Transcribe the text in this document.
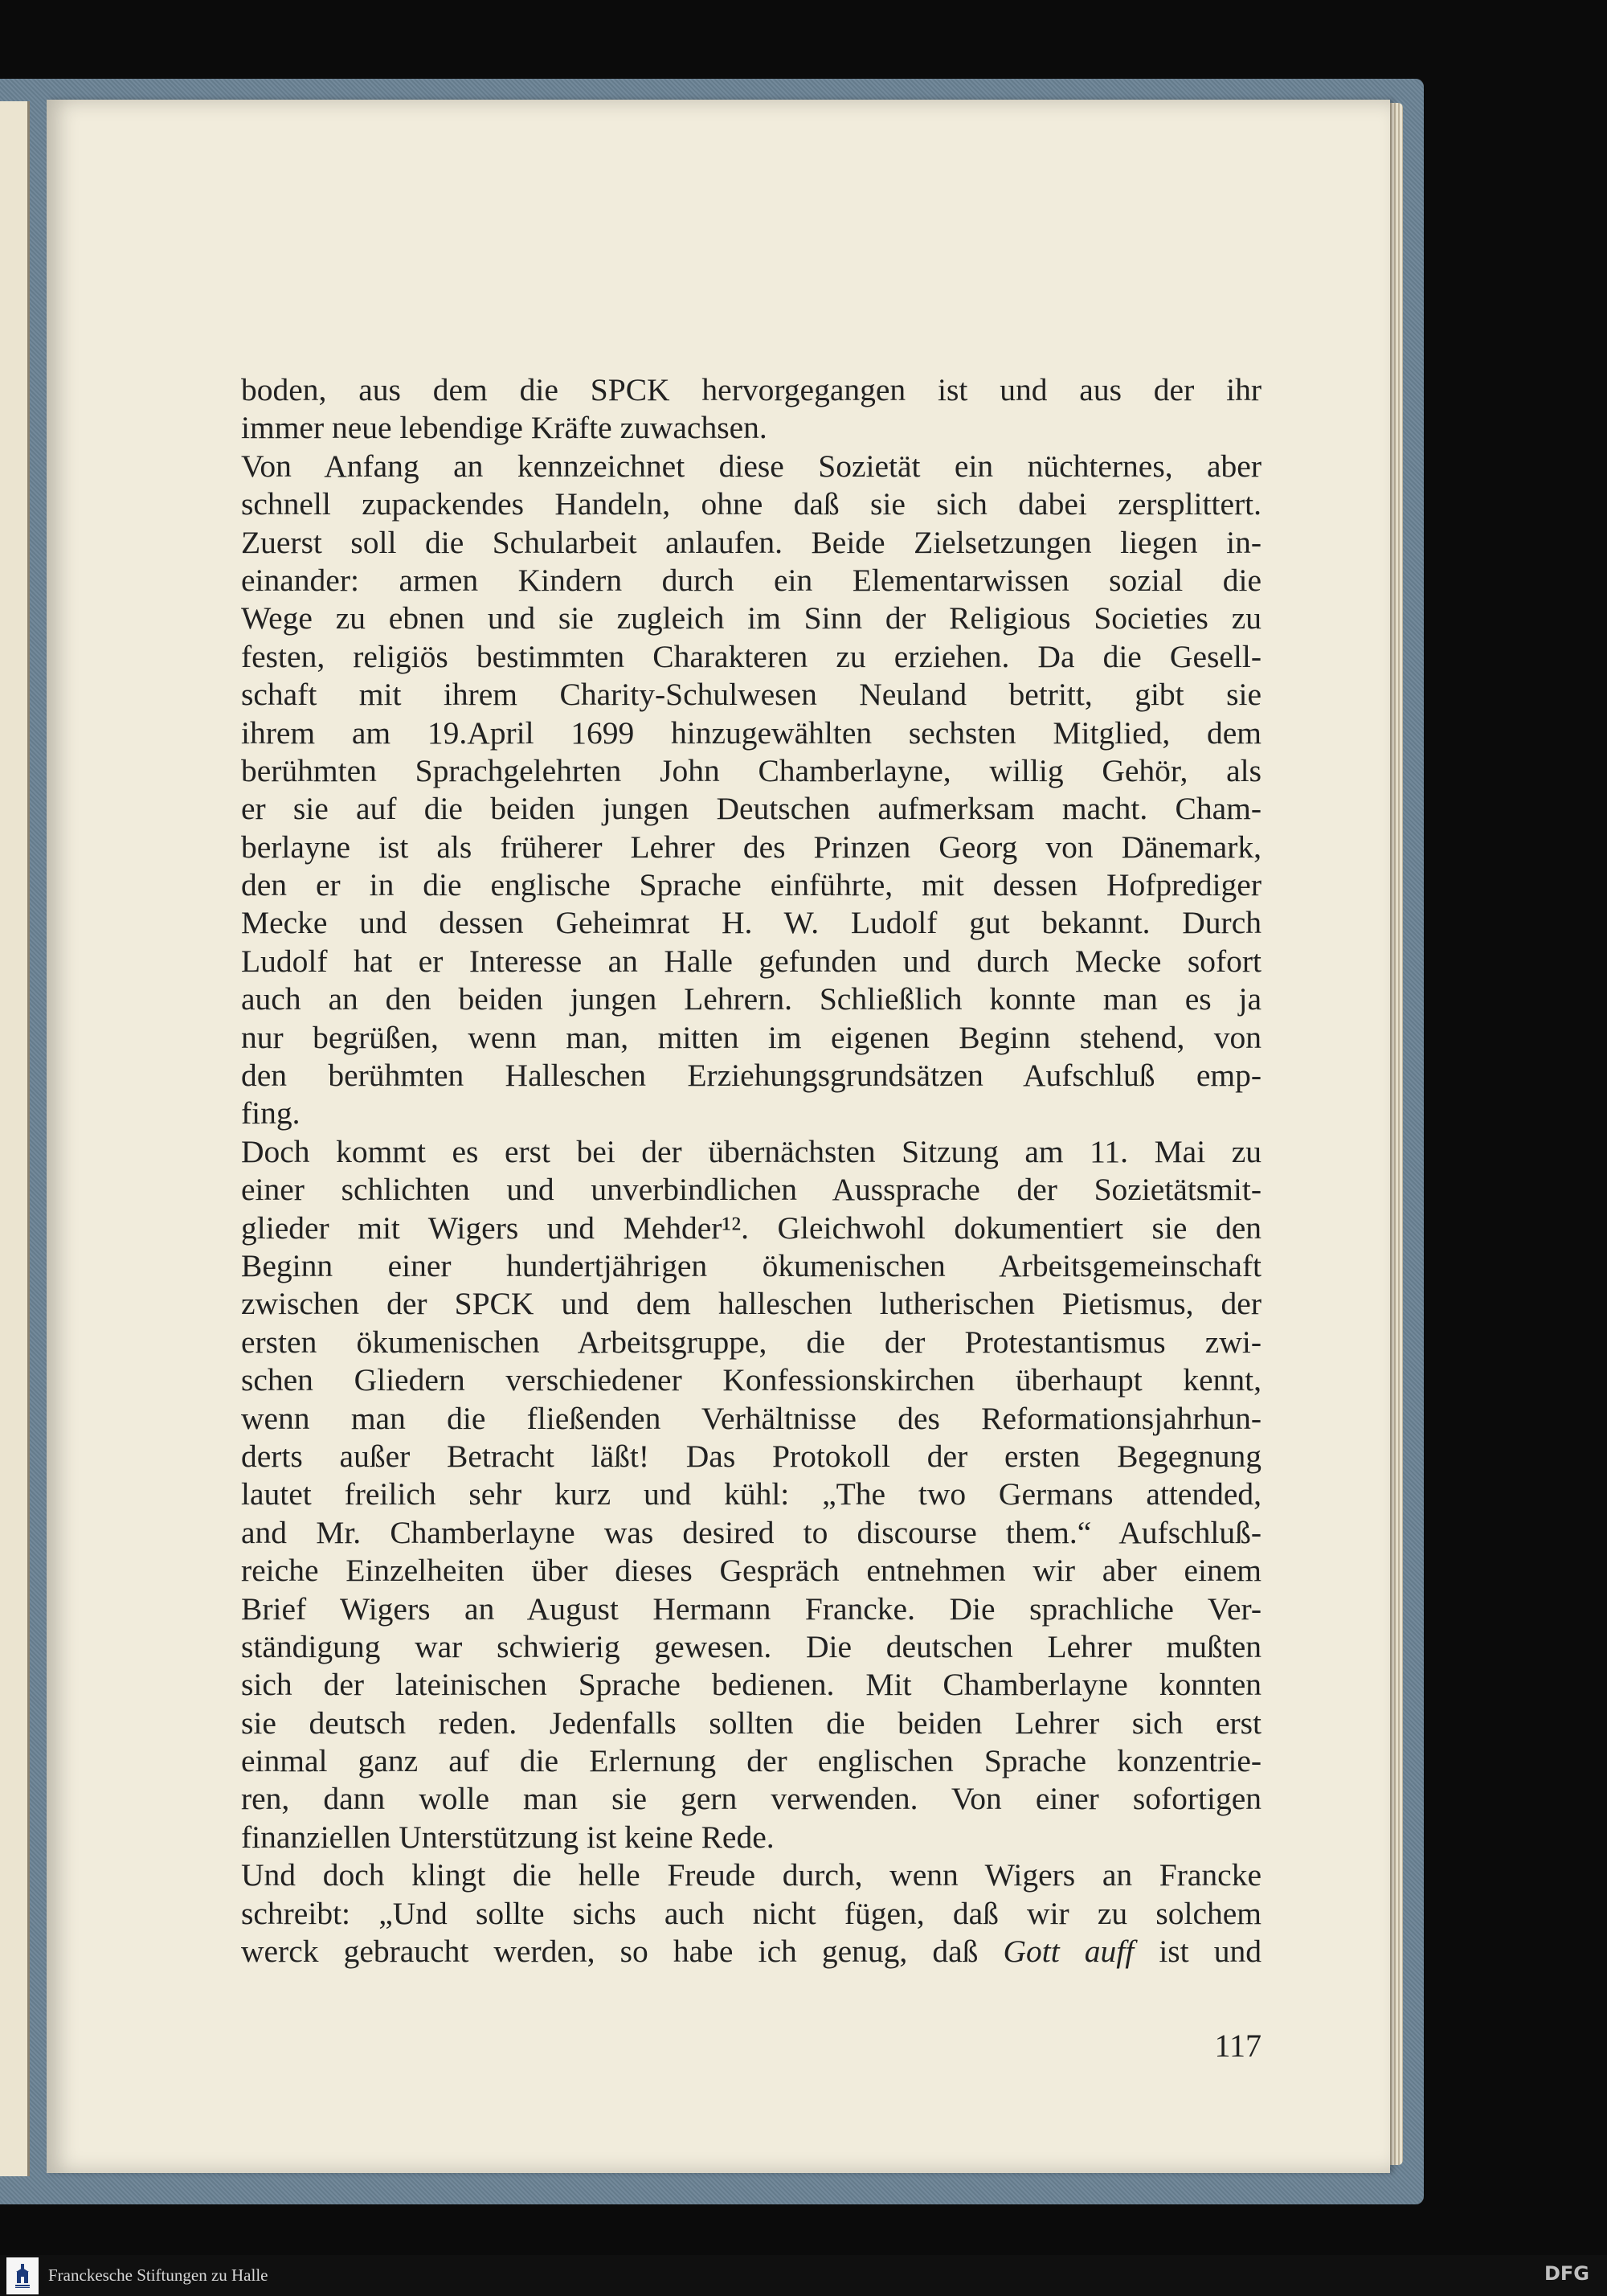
boden, aus dem die SPCK hervorgegangen ist und aus der ihr
immer neue lebendige Kräfte zuwachsen.
Von Anfang an kennzeichnet diese Sozietät ein nüchternes, aber
schnell zupackendes Handeln, ohne daß sie sich dabei zersplittert.
Zuerst soll die Schularbeit anlaufen. Beide Zielsetzungen liegen in-
einander: armen Kindern durch ein Elementarwissen sozial die
Wege zu ebnen und sie zugleich im Sinn der Religious Societies zu
festen, religiös bestimmten Charakteren zu erziehen. Da die Gesell-
schaft mit ihrem Charity-Schulwesen Neuland betritt, gibt sie
ihrem am 19.April 1699 hinzugewählten sechsten Mitglied, dem
berühmten Sprachgelehrten John Chamberlayne, willig Gehör, als
er sie auf die beiden jungen Deutschen aufmerksam macht. Cham-
berlayne ist als früherer Lehrer des Prinzen Georg von Dänemark,
den er in die englische Sprache einführte, mit dessen Hofprediger
Mecke und dessen Geheimrat H. W. Ludolf gut bekannt. Durch
Ludolf hat er Interesse an Halle gefunden und durch Mecke sofort
auch an den beiden jungen Lehrern. Schließlich konnte man es ja
nur begrüßen, wenn man, mitten im eigenen Beginn stehend, von
den berühmten Halleschen Erziehungsgrundsätzen Aufschluß emp-
fing.
Doch kommt es erst bei der übernächsten Sitzung am 11. Mai zu
einer schlichten und unverbindlichen Aussprache der Sozietätsmit-
glieder mit Wigers und Mehder¹². Gleichwohl dokumentiert sie den
Beginn einer hundertjährigen ökumenischen Arbeitsgemeinschaft
zwischen der SPCK und dem halleschen lutherischen Pietismus, der
ersten ökumenischen Arbeitsgruppe, die der Protestantismus zwi-
schen Gliedern verschiedener Konfessionskirchen überhaupt kennt,
wenn man die fließenden Verhältnisse des Reformationsjahrhun-
derts außer Betracht läßt! Das Protokoll der ersten Begegnung
lautet freilich sehr kurz und kühl: „The two Germans attended,
and Mr. Chamberlayne was desired to discourse them.“ Aufschluß-
reiche Einzelheiten über dieses Gespräch entnehmen wir aber einem
Brief Wigers an August Hermann Francke. Die sprachliche Ver-
ständigung war schwierig gewesen. Die deutschen Lehrer mußten
sich der lateinischen Sprache bedienen. Mit Chamberlayne konnten
sie deutsch reden. Jedenfalls sollten die beiden Lehrer sich erst
einmal ganz auf die Erlernung der englischen Sprache konzentrie-
ren, dann wolle man sie gern verwenden. Von einer sofortigen
finanziellen Unterstützung ist keine Rede.
Und doch klingt die helle Freude durch, wenn Wigers an Francke
schreibt: „Und sollte sichs auch nicht fügen, daß wir zu solchem
werck gebraucht werden, so habe ich genug, daß Gott auff ist und
117
Franckesche Stiftungen zu Halle	DFG
